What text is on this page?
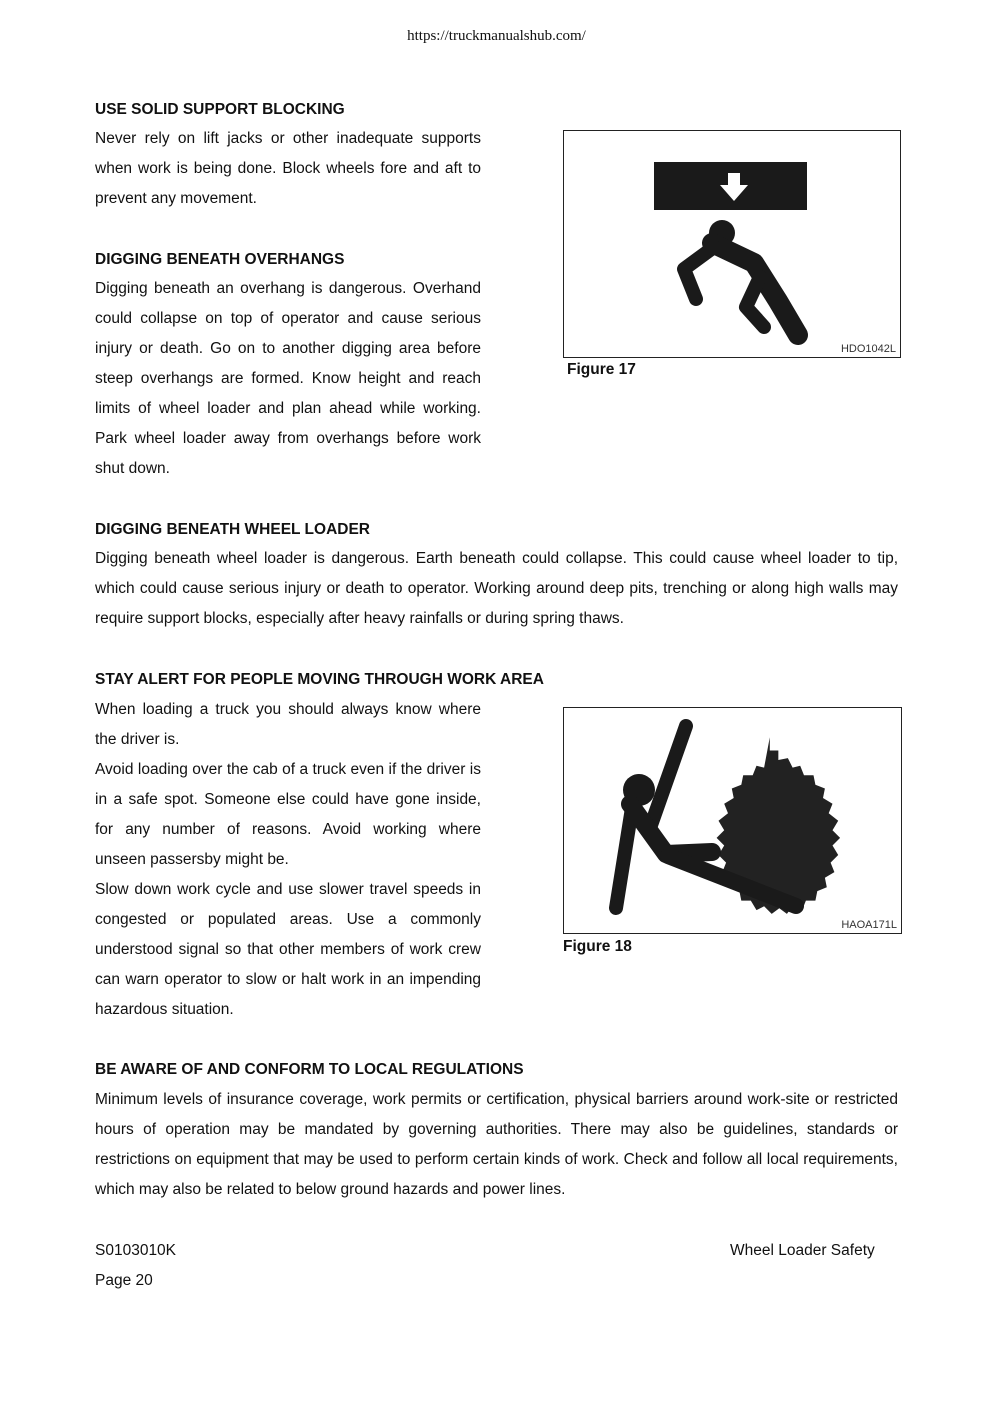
https://truckmanualshub.com/
USE SOLID SUPPORT BLOCKING

Never rely on lift jacks or other inadequate supports when work is being done. Block wheels fore and aft to prevent any movement.

DIGGING BENEATH OVERHANGS

Digging beneath an overhang is dangerous. Overhand could collapse on top of operator and cause serious injury or death. Go on to another digging area before steep overhangs are formed. Know height and reach limits of wheel loader and plan ahead while working. Park wheel loader away from overhangs before work shut down.

HDO1042L
Figure 17
DIGGING BENEATH WHEEL LOADER

Digging beneath wheel loader is dangerous. Earth beneath could collapse. This could cause wheel loader to tip, which could cause serious injury or death to operator. Working around deep pits, trenching or along high walls may require support blocks, especially after heavy rainfalls or during spring thaws.

STAY ALERT FOR PEOPLE MOVING THROUGH WORK AREA

When loading a truck you should always know where the driver is.

Avoid loading over the cab of a truck even if the driver is in a safe spot. Someone else could have gone inside, for any number of reasons. Avoid working where unseen passersby might be.

Slow down work cycle and use slower travel speeds in congested or populated areas. Use a commonly understood signal so that other members of work crew can warn operator to slow or halt work in an impending hazardous situation.

HAOA171L
Figure 18
BE AWARE OF AND CONFORM TO LOCAL REGULATIONS

Minimum levels of insurance coverage, work permits or certification, physical barriers around work-site or restricted hours of operation may be mandated by governing authorities. There may also be guidelines, standards or restrictions on equipment that may be used to perform certain kinds of work. Check and follow all local requirements, which may also be related to below ground hazards and power lines.

S0103010K	Wheel Loader Safety
Page 20
